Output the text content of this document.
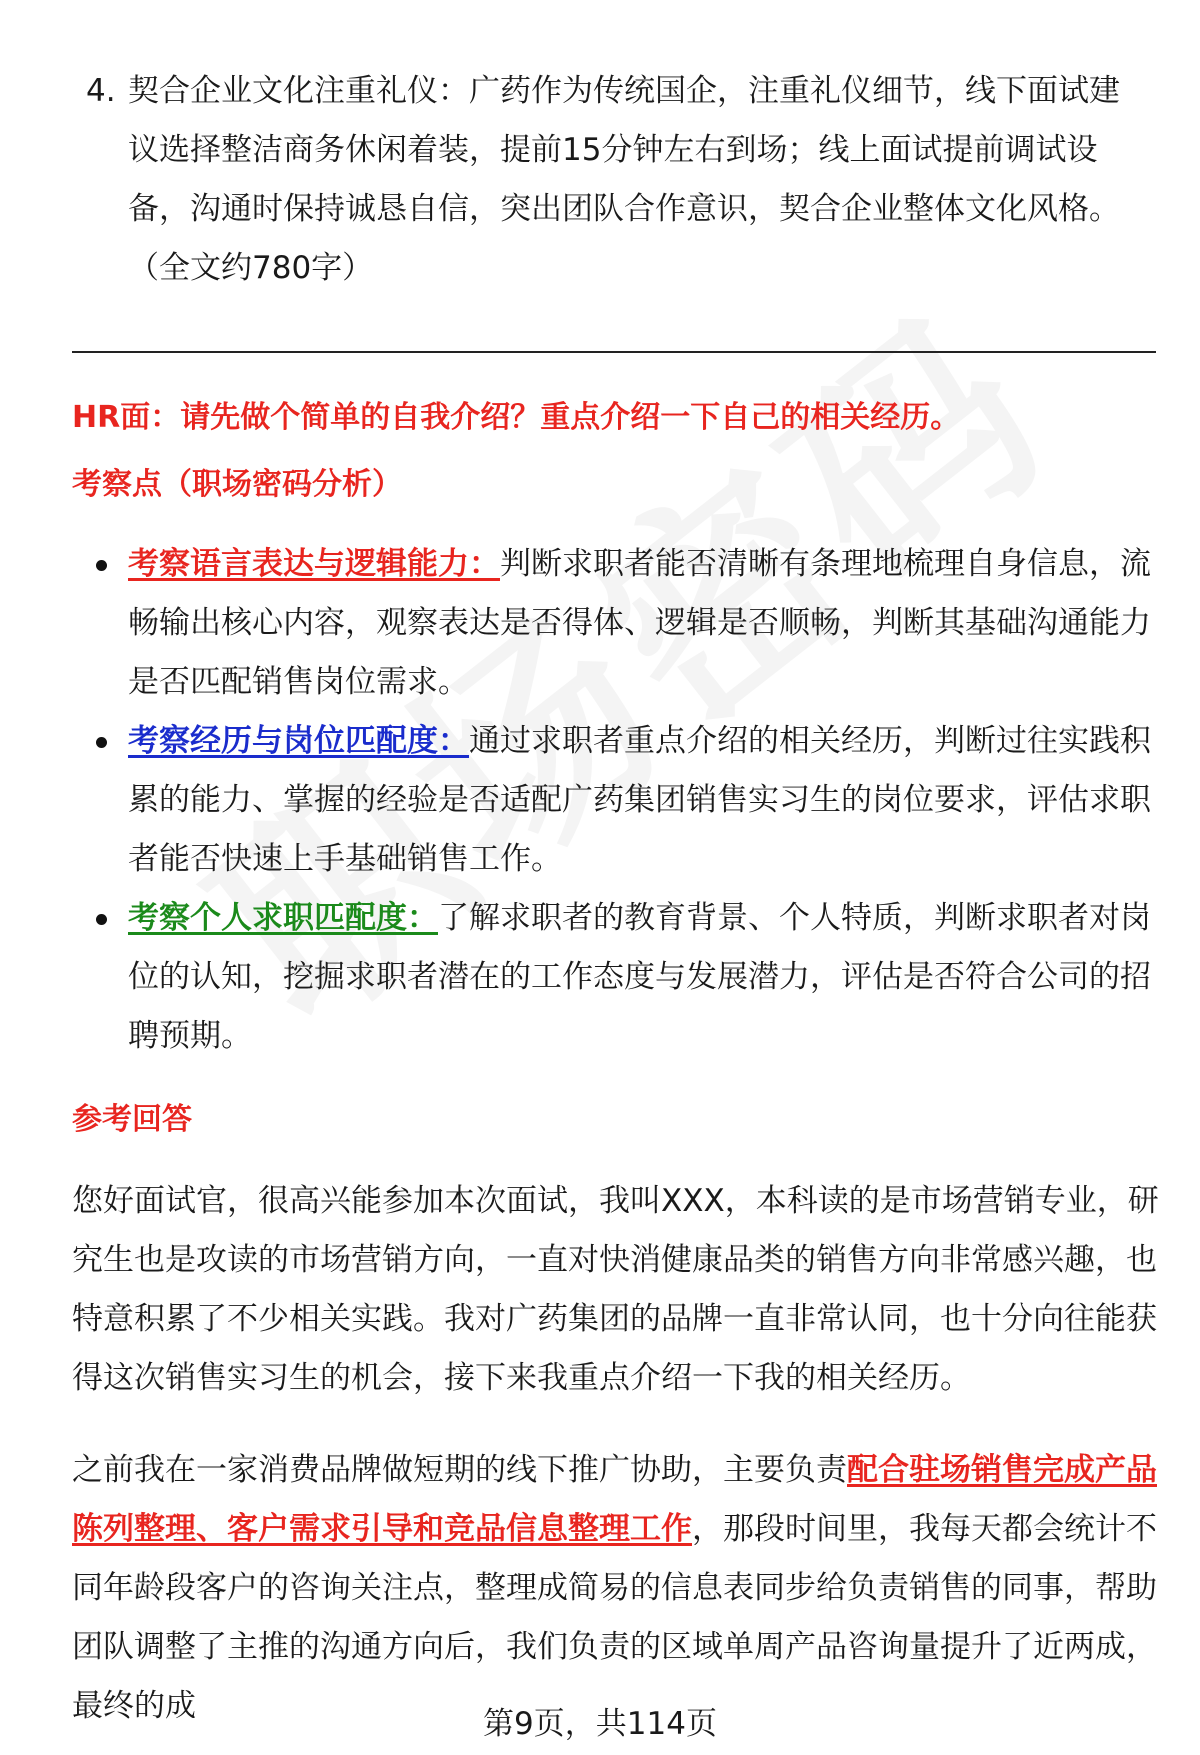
4. 契合企业文化注重礼仪：广药作为传统国企，注重礼仪细节，线下面试建议选择整洁商务休闲着装，提前15分钟左右到场；线上面试提前调试设备，沟通时保持诚恳自信，突出团队合作意识，契合企业整体文化风格。（全文约780字）

HR面：请先做个简单的自我介绍？重点介绍一下自己的相关经历。

考察点（职场密码分析）

考察语言表达与逻辑能力：判断求职者能否清晰有条理地梳理自身信息，流畅输出核心内容，观察表达是否得体、逻辑是否顺畅，判断其基础沟通能力是否匹配销售岗位需求。
考察经历与岗位匹配度：通过求职者重点介绍的相关经历，判断过往实践积累的能力、掌握的经验是否适配广药集团销售实习生的岗位要求，评估求职者能否快速上手基础销售工作。
考察个人求职匹配度：了解求职者的教育背景、个人特质，判断求职者对岗位的认知，挖掘求职者潜在的工作态度与发展潜力，评估是否符合公司的招聘预期。

参考回答

您好面试官，很高兴能参加本次面试，我叫XXX，本科读的是市场营销专业，研究生也是攻读的市场营销方向，一直对快消健康品类的销售方向非常感兴趣，也特意积累了不少相关实践。我对广药集团的品牌一直非常认同，也十分向往能获得这次销售实习生的机会，接下来我重点介绍一下我的相关经历。

之前我在一家消费品牌做短期的线下推广协助，主要负责配合驻场销售完成产品陈列整理、客户需求引导和竞品信息整理工作，那段时间里，我每天都会统计不同年龄段客户的咨询关注点，整理成简易的信息表同步给负责销售的同事，帮助团队调整了主推的沟通方向后，我们负责的区域单周产品咨询量提升了近两成，最终的成	第9页，共114页
